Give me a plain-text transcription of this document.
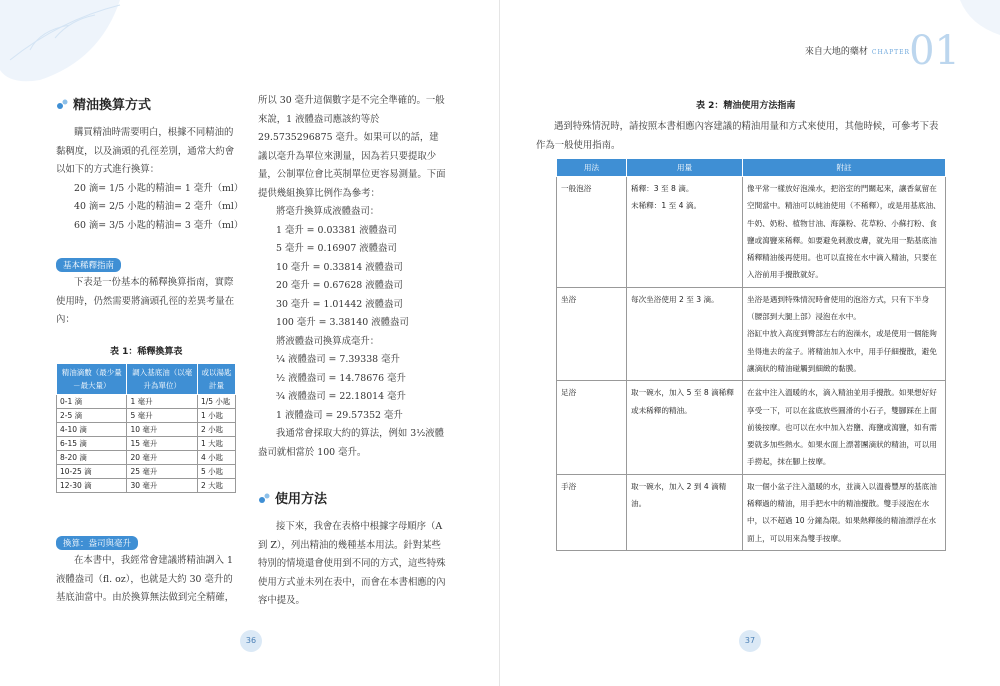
精油換算方式

購買精油時需要明白，根據不同精油的黏稠度，以及滴頭的孔徑差別，通常大約會以如下的方式進行換算：

20 滴= 1/5 小匙的精油= 1 毫升（ml）

40 滴= 2/5 小匙的精油= 2 毫升（ml）

60 滴= 3/5 小匙的精油= 3 毫升（ml）

基本稀釋指南

下表是一份基本的稀釋換算指南，實際使用時，仍然需要將滴頭孔徑的差異考量在內：

表 1：稀釋換算表
精油滴數（最少量－最大量）	調入基底油（以毫升為單位）	或以湯匙計量
0-1 滴	1 毫升	1/5 小匙
2-5 滴	5 毫升	1 小匙
4-10 滴	10 毫升	2 小匙
6-15 滴	15 毫升	1 大匙
8-20 滴	20 毫升	4 小匙
10-25 滴	25 毫升	5 小匙
12-30 滴	30 毫升	2 大匙
換算：盎司與毫升

在本書中，我經常會建議將精油調入 1 液體盎司（fl. oz），也就是大約 30 毫升的基底油當中。由於換算無法做到完全精確，

所以 30 毫升這個數字是不完全準確的。一般來說，1 液體盎司應該約等於 29.5735296875 毫升。如果可以的話，建議以毫升為單位來測量，因為若只要提取少量，公制單位會比英制單位更容易測量。下面提供幾組換算比例作為參考：

將毫升換算成液體盎司：

1 毫升 = 0.03381 液體盎司

5 毫升 = 0.16907 液體盎司

10 毫升 = 0.33814 液體盎司

20 毫升 = 0.67628 液體盎司

30 毫升 = 1.01442 液體盎司

100 毫升 = 3.38140 液體盎司

將液體盎司換算成毫升：

¼ 液體盎司 = 7.39338 毫升

½ 液體盎司 = 14.78676 毫升

¾ 液體盎司 = 22.18014 毫升

1 液體盎司 = 29.57352 毫升

我通常會採取大約的算法，例如 3½液體盎司就相當於 100 毫升。

使用方法

接下來，我會在表格中根據字母順序（A 到 Z），列出精油的幾種基本用法。針對某些特別的情境還會使用到不同的方式，這些特殊使用方式並未列在表中，而會在本書相應的內容中提及。

36
來自大地的藥材 CHAPTER 01
表 2：精油使用方法指南

遇到特殊情況時，請按照本書相應內容建議的精油用量和方式來使用，其他時候，可參考下表作為一般使用指南。

用法	用量	附註
一般泡浴	稀釋：3 至 8 滴。
未稀釋：1 至 4 滴。	像平常一樣放好泡澡水，把浴室的門關起來，讓香氣留在空間當中。精油可以純油使用（不稀釋），或是用基底油、牛奶、奶粉、植物甘油、海藻粉、花草粉、小蘇打粉、食鹽或瀉鹽來稀釋。如要避免刺激皮膚，就先用一點基底油稀釋精油後再使用。也可以直接在水中滴入精油，只要在入浴前用手攪散就好。
坐浴	每次坐浴使用 2 至 3 滴。	坐浴是遇到特殊情況時會使用的泡浴方式，只有下半身（腰部到大腿上部）浸泡在水中。
浴缸中放入高度到臀部左右的泡澡水，或是使用一個能夠坐得進去的盆子。將精油加入水中，用手仔細攪散，避免讓滴狀的精油碰觸到細緻的黏膜。
足浴	取一碗水，加入 5 至 8 滴稀釋或未稀釋的精油。	在盆中注入溫暖的水，滴入精油並用手攪散。如果想好好享受一下，可以在盆底放些圓滑的小石子，雙腳踩在上面前後按摩。也可以在水中加入岩鹽、海鹽或瀉鹽，如有需要就多加些熱水。如果水面上漂著團滴狀的精油，可以用手撈起，抹在腳上按摩。
手浴	取一碗水，加入 2 到 4 滴精油。	取一個小盆子注入溫暖的水，並滴入以溫養豐厚的基底油稀釋過的精油，用手把水中的精油攪散。雙手浸泡在水中，以不超過 10 分鐘為限。如果熱釋後的精油漂浮在水面上，可以用來為雙手按摩。
37
